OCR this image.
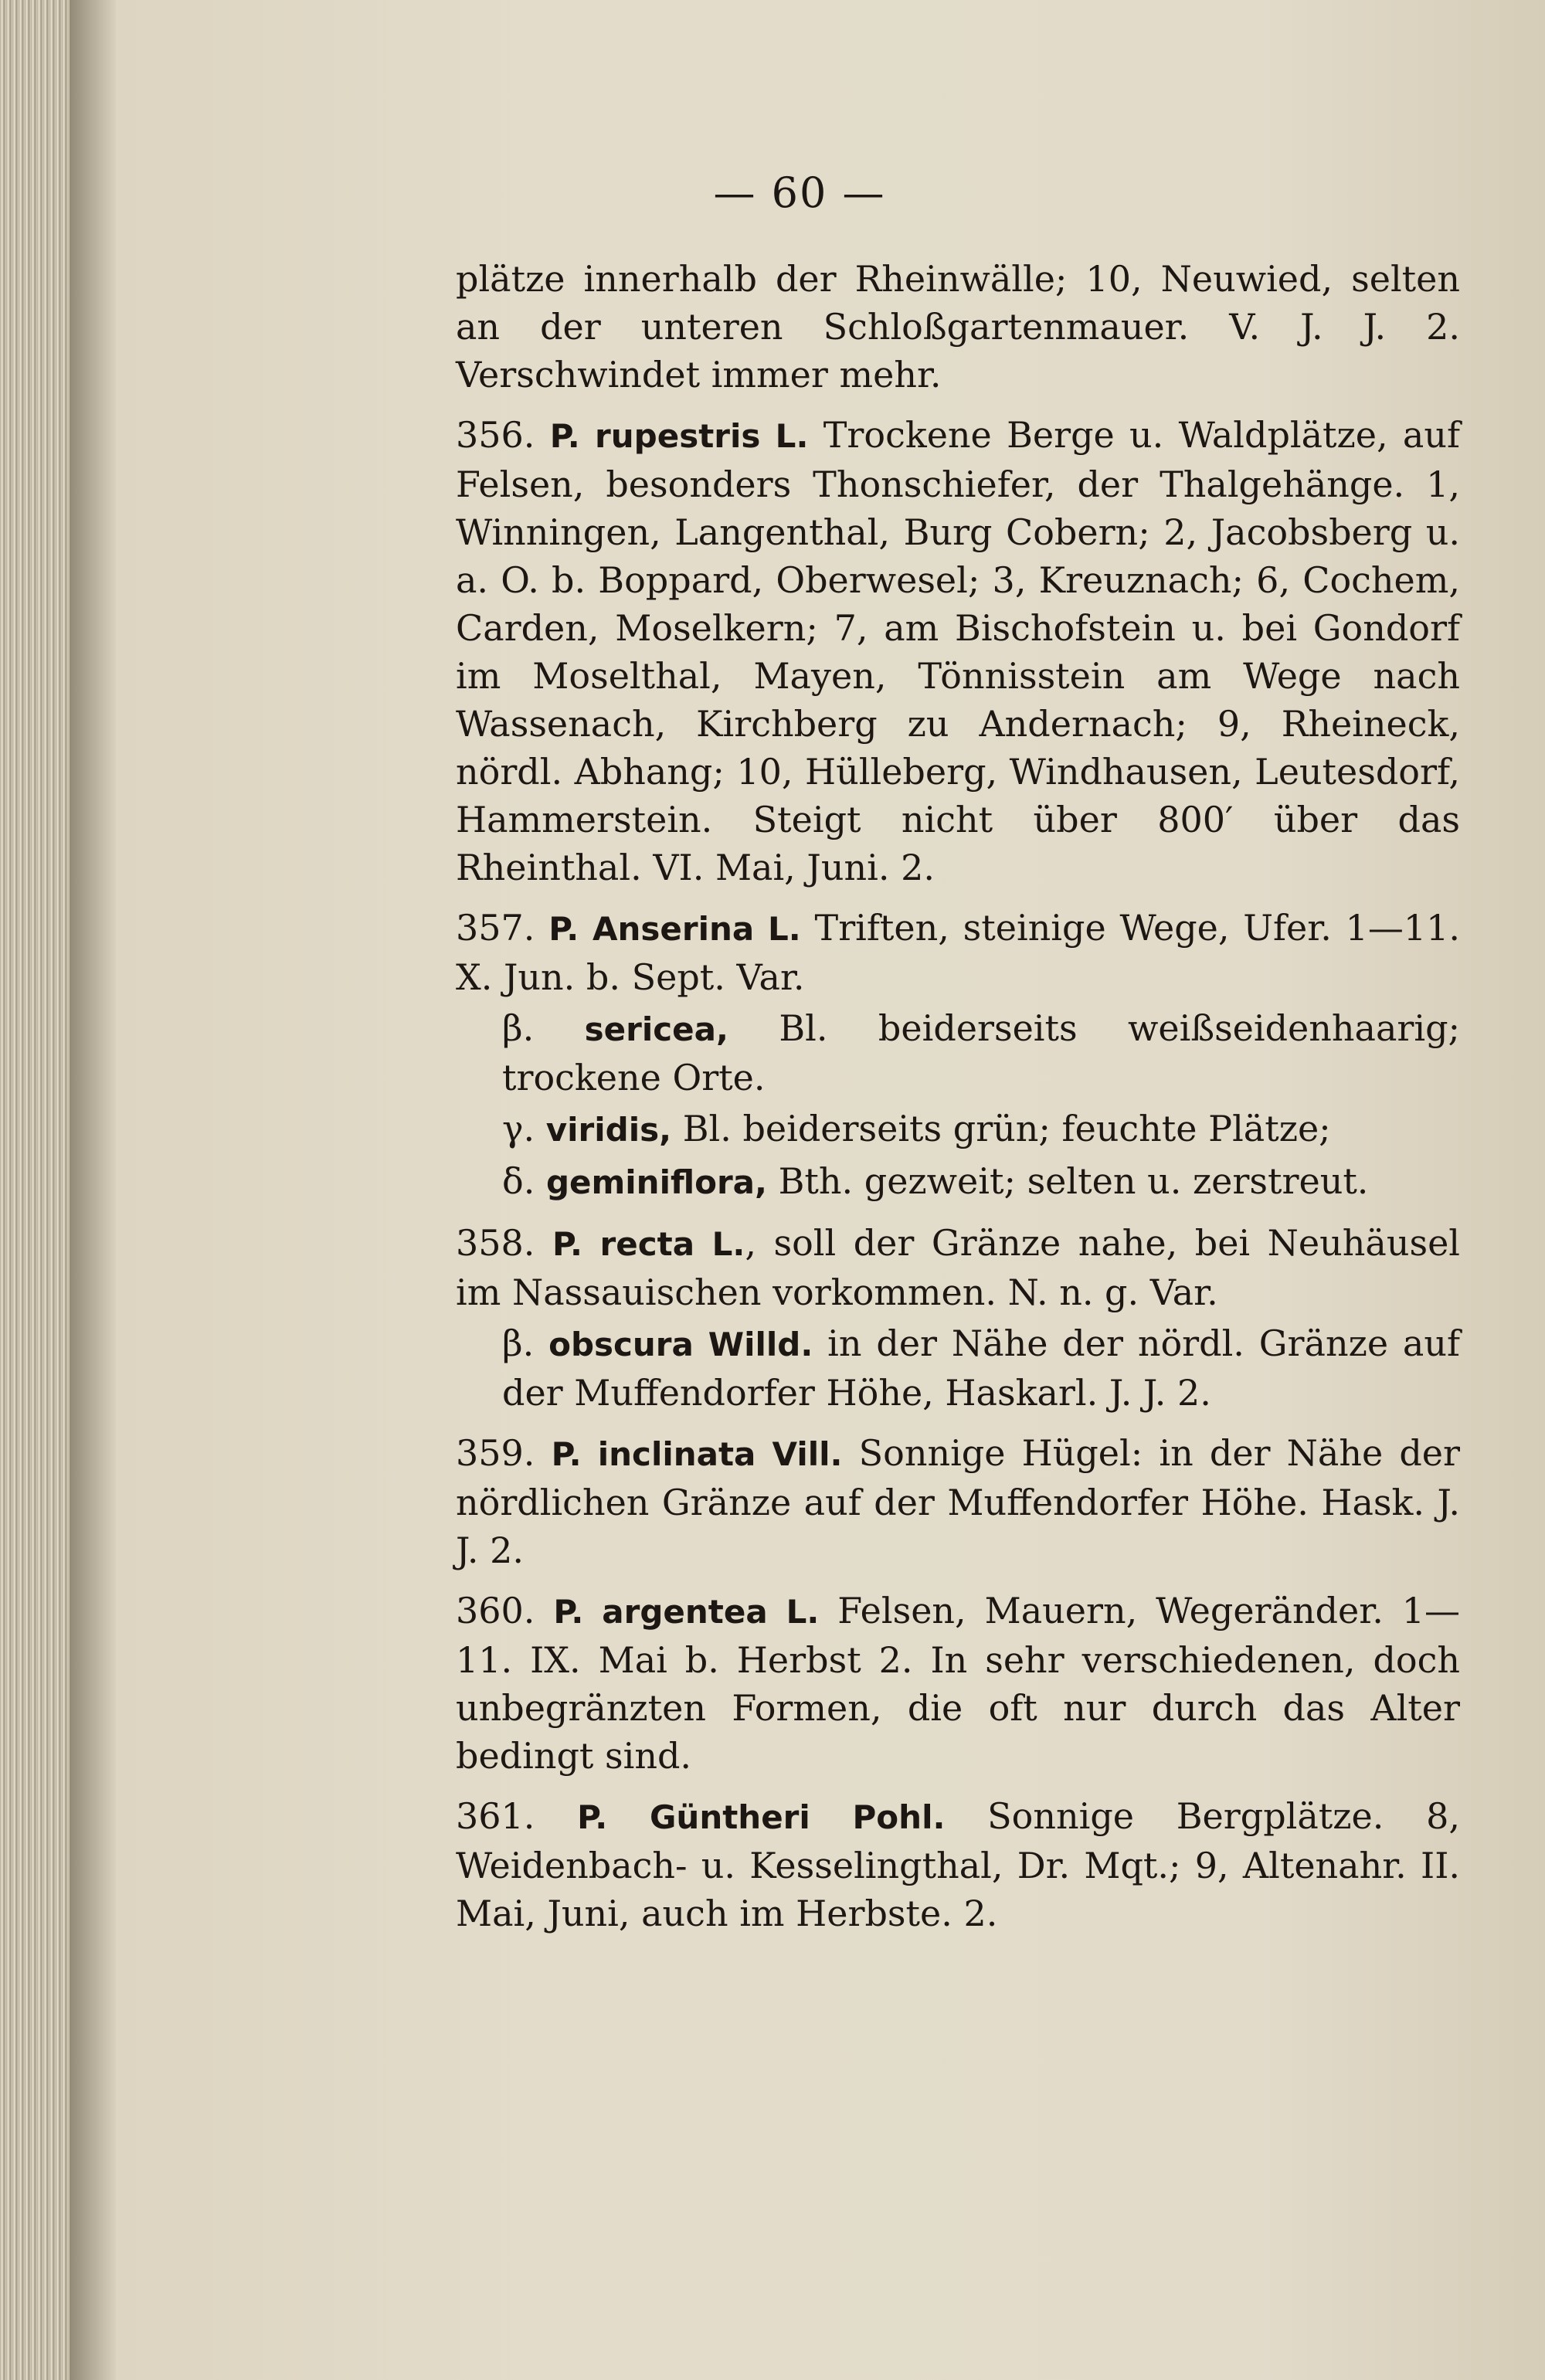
— 60 —

plätze innerhalb der Rheinwälle; 10, Neuwied, selten an der unteren Schloßgartenmauer. V. J. J. 2. Verschwindet immer mehr.

356. P. rupestris L. Trockene Berge u. Waldplätze, auf Felsen, besonders Thonschiefer, der Thalgehänge. 1, Winningen, Langenthal, Burg Cobern; 2, Jacobsberg u. a. O. b. Boppard, Oberwesel; 3, Kreuznach; 6, Cochem, Carden, Moselkern; 7, am Bischofstein u. bei Gondorf im Moselthal, Mayen, Tönnisstein am Wege nach Wassenach, Kirchberg zu Andernach; 9, Rheineck, nördl. Abhang; 10, Hülleberg, Windhausen, Leutesdorf, Hammerstein. Steigt nicht über 800′ über das Rheinthal. VI. Mai, Juni. 2.

357. P. Anserina L. Triften, steinige Wege, Ufer. 1—11. X. Jun. b. Sept. Var.

β. sericea, Bl. beiderseits weißseidenhaarig; trockene Orte.

γ. viridis, Bl. beiderseits grün; feuchte Plätze;

δ. geminiflora, Bth. gezweit; selten u. zerstreut.

358. P. recta L., soll der Gränze nahe, bei Neuhäusel im Nassauischen vorkommen. N. n. g. Var.

β. obscura Willd. in der Nähe der nördl. Gränze auf der Muffendorfer Höhe, Haskarl. J. J. 2.

359. P. inclinata Vill. Sonnige Hügel: in der Nähe der nördlichen Gränze auf der Muffendorfer Höhe. Hask. J. J. 2.

360. P. argentea L. Felsen, Mauern, Wegeränder. 1—11. IX. Mai b. Herbst 2. In sehr verschiedenen, doch unbegränzten Formen, die oft nur durch das Alter bedingt sind.

361. P. Güntheri Pohl. Sonnige Bergplätze. 8, Weidenbach- u. Kesselingthal, Dr. Mqt.; 9, Altenahr. II. Mai, Juni, auch im Herbste. 2.
